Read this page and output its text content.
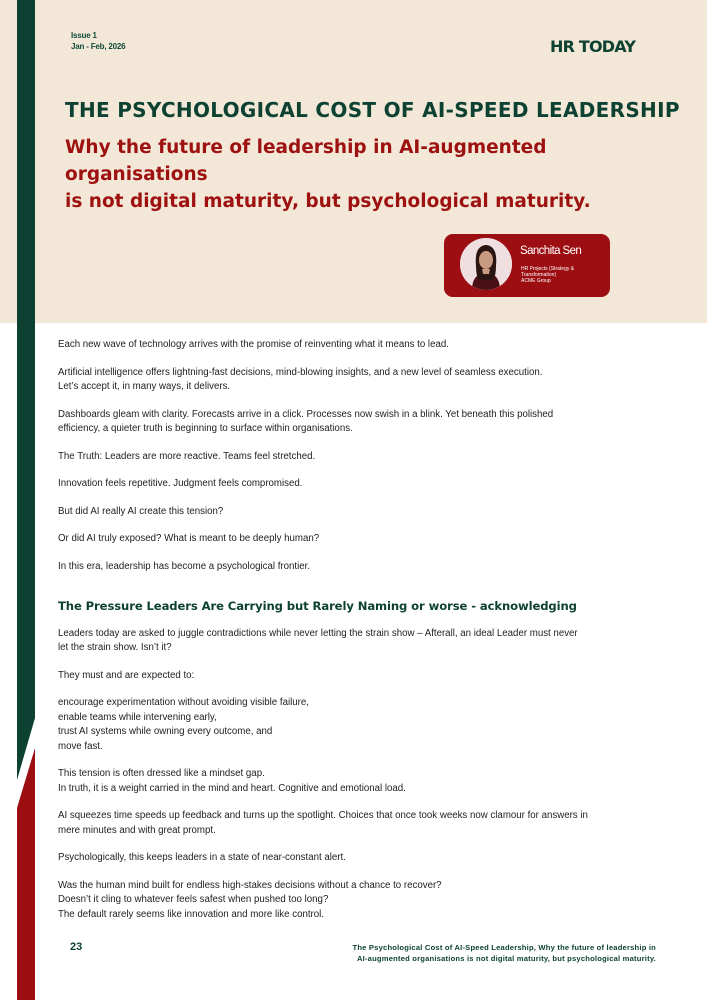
Issue 1
Jan - Feb, 2026	HR TODAY
THE PSYCHOLOGICAL COST OF AI-SPEED LEADERSHIP
Why the future of leadership in AI-augmented organisations
is not digital maturity, but psychological maturity.
Sanchita Sen
HR Projects (Strategy &
Transformation)
ACME Group

Each new wave of technology arrives with the promise of reinventing what it means to lead.

Artificial intelligence offers lightning-fast decisions, mind-blowing insights, and a new level of seamless execution.
Let’s accept it, in many ways, it delivers.

Dashboards gleam with clarity. Forecasts arrive in a click. Processes now swish in a blink. Yet beneath this polished
efficiency, a quieter truth is beginning to surface within organisations.

The Truth: Leaders are more reactive. Teams feel stretched.

Innovation feels repetitive. Judgment feels compromised.

But did AI really AI create this tension?

Or did AI truly exposed? What is meant to be deeply human?

In this era, leadership has become a psychological frontier.

The Pressure Leaders Are Carrying but Rarely Naming or worse - acknowledging

Leaders today are asked to juggle contradictions while never letting the strain show – Afterall, an ideal Leader must never
let the strain show. Isn’t it?

They must and are expected to:

encourage experimentation without avoiding visible failure,
enable teams while intervening early,
trust AI systems while owning every outcome, and
move fast.

This tension is often dressed like a mindset gap.
In truth, it is a weight carried in the mind and heart. Cognitive and emotional load.

AI squeezes time speeds up feedback and turns up the spotlight. Choices that once took weeks now clamour for answers in
mere minutes and with great prompt.

Psychologically, this keeps leaders in a state of near-constant alert.

Was the human mind built for endless high-stakes decisions without a chance to recover?
Doesn’t it cling to whatever feels safest when pushed too long?
The default rarely seems like innovation and more like control.

23	The Psychological Cost of AI-Speed Leadership, Why the future of leadership in
AI-augmented organisations is not digital maturity, but psychological maturity.
